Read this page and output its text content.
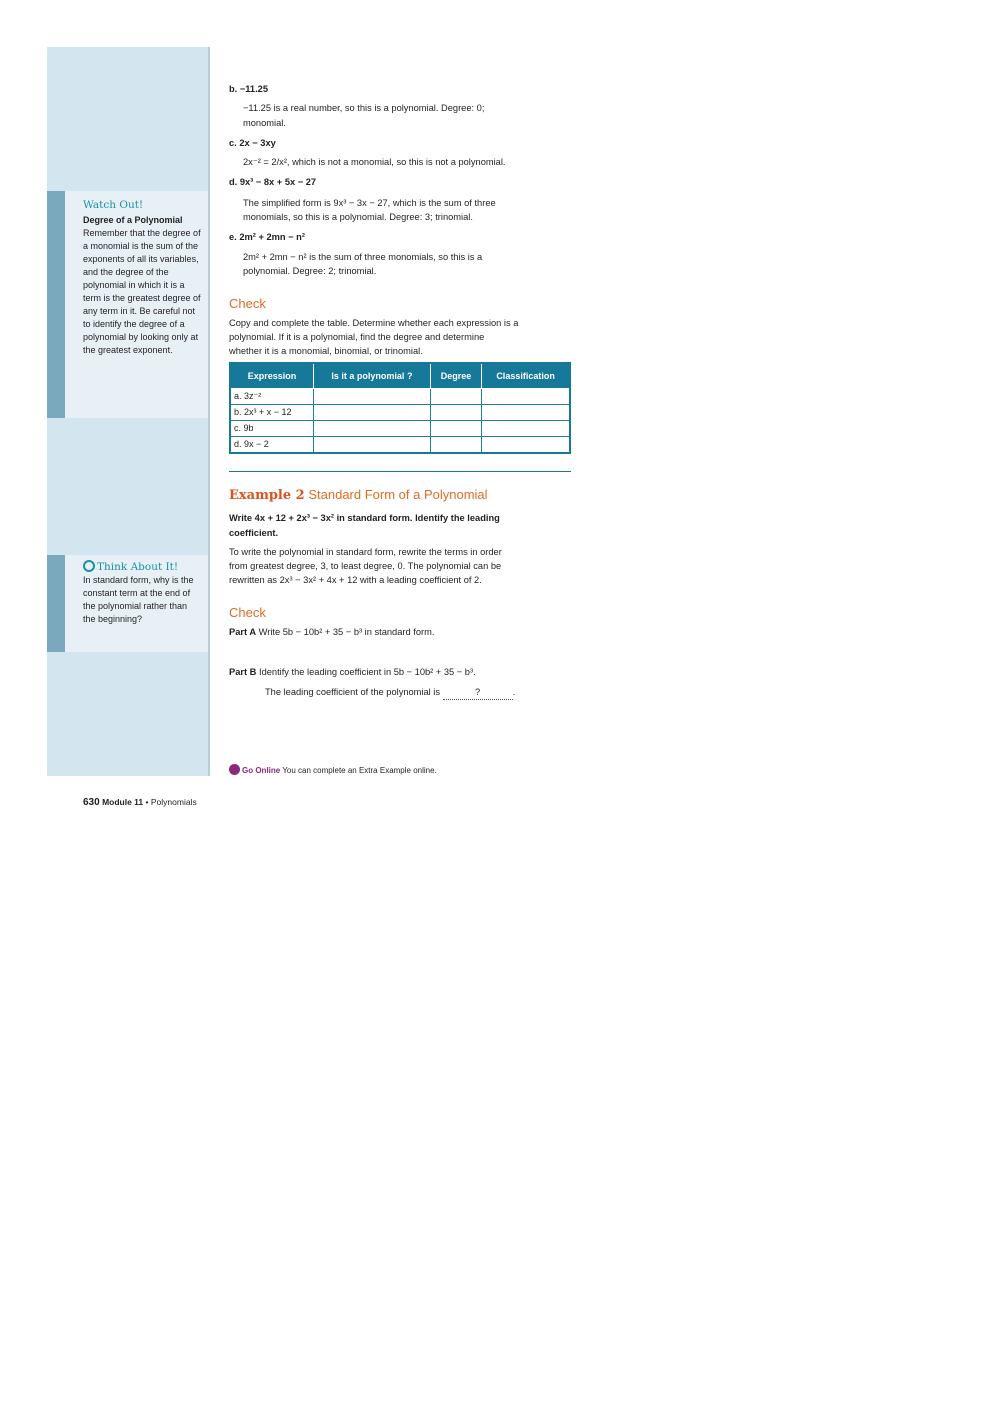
Watch Out!
Degree of a Polynomial
Remember that the degree of a monomial is the sum of the exponents of all its variables, and the degree of the polynomial in which it is a term is the greatest degree of any term in it. Be careful not to identify the degree of a polynomial by looking only at the greatest exponent.
Think About It!
In standard form, why is the constant term at the end of the polynomial rather than the beginning?
b. −11.25
−11.25 is a real number, so this is a polynomial. Degree: 0;
monomial.
c. 2x − 3xy
2x⁻² = 2/x², which is not a monomial, so this is not a polynomial.
d. 9x³ − 8x + 5x − 27
The simplified form is 9x³ − 3x − 27, which is the sum of three
monomials, so this is a polynomial. Degree: 3; trinomial.
e. 2m² + 2mn − n²
2m² + 2mn − n² is the sum of three monomials, so this is a
polynomial. Degree: 2; trinomial.
Check
Copy and complete the table. Determine whether each expression is a
polynomial. If it is a polynomial, find the degree and determine
whether it is a monomial, binomial, or trinomial.
Expression	Is it a polynomial ?	Degree	Classification
a. 3z⁻²			
b. 2x³ + x − 12			
c. 9b			
d. 9x − 2			
Example 2 Standard Form of a Polynomial
Write 4x + 12 + 2x³ − 3x² in standard form. Identify the leading
coefficient.
To write the polynomial in standard form, rewrite the terms in order
from greatest degree, 3, to least degree, 0. The polynomial can be
rewritten as 2x³ − 3x² + 4x + 12 with a leading coefficient of 2.
Check
Part A Write 5b − 10b² + 35 − b³ in standard form.
Part B Identify the leading coefficient in 5b − 10b² + 35 − b³.
The leading coefficient of the polynomial is	?	.
Go Online You can complete an Extra Example online.
630 Module 11 • Polynomials
